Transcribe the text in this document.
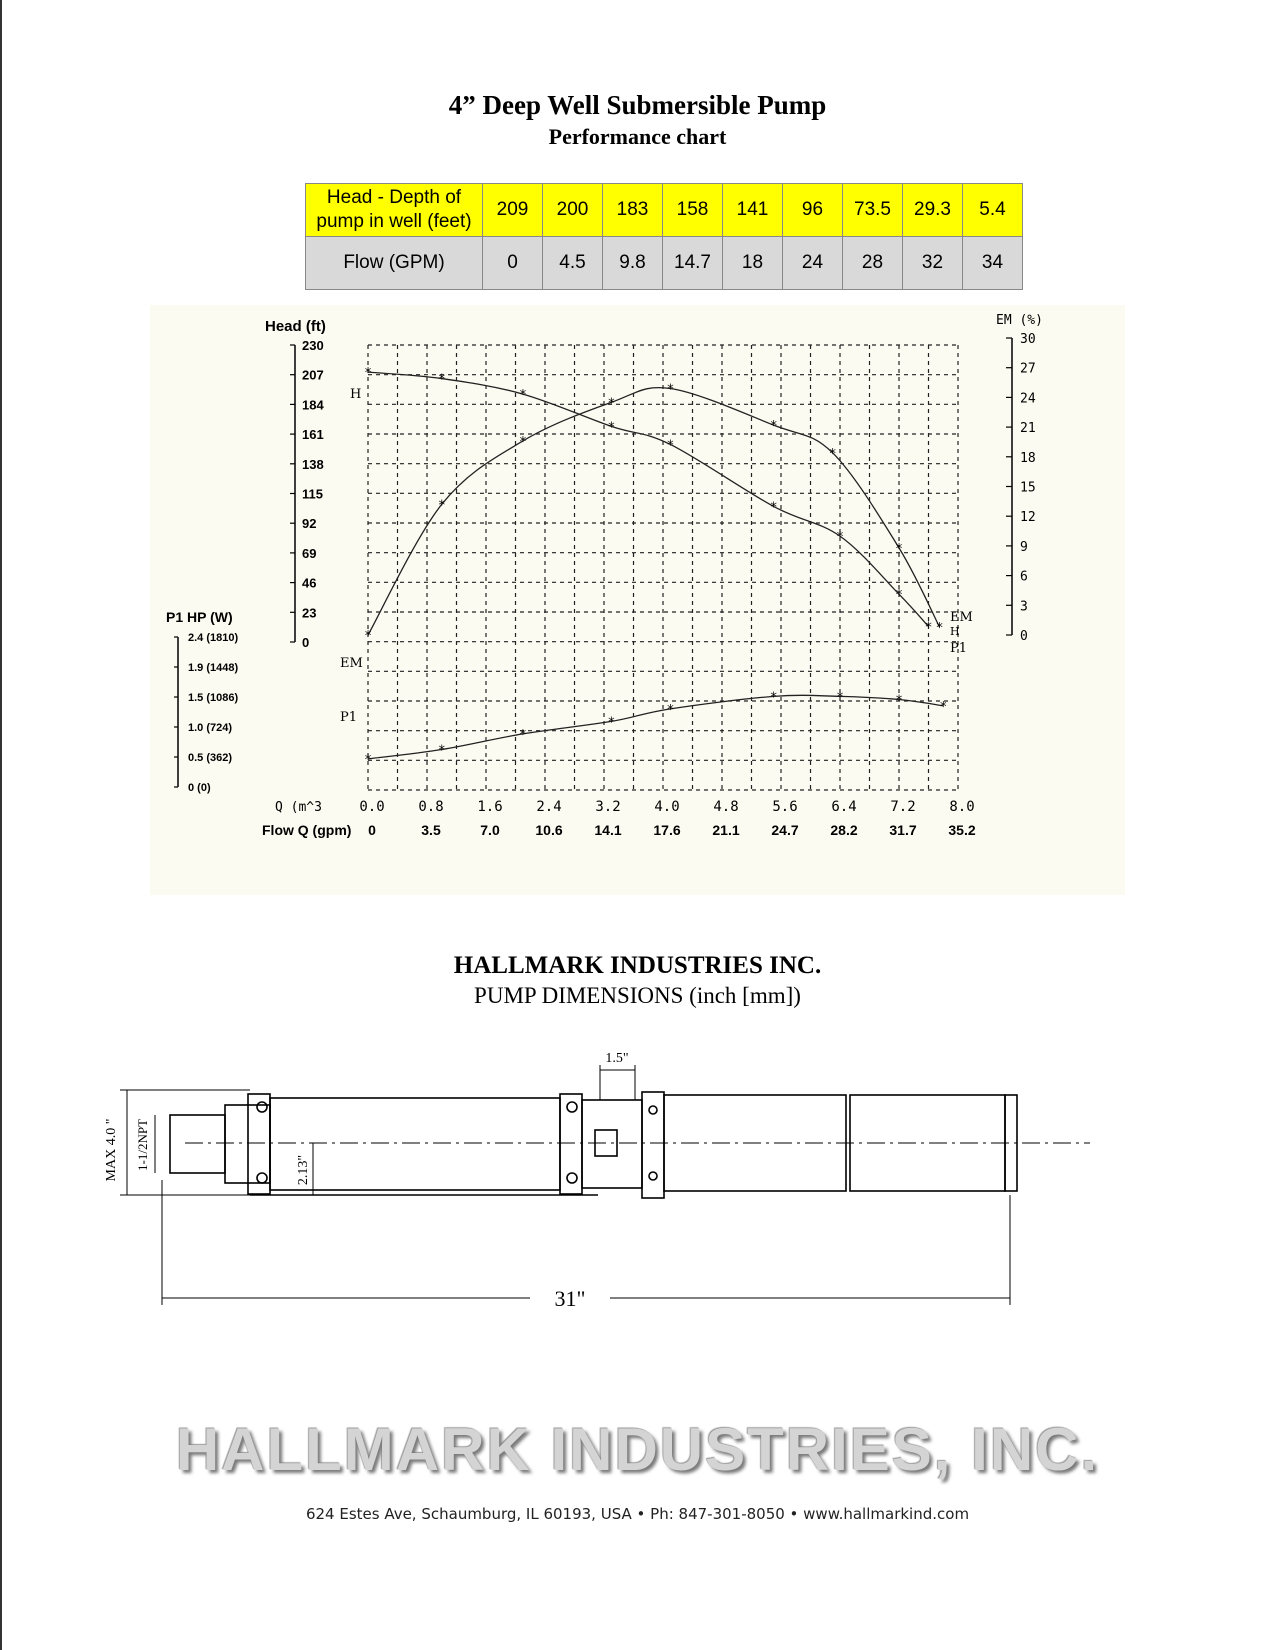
4” Deep Well Submersible Pump
Performance chart
Head - Depth of pump in well (feet)	209	200	183	158	141	96	73.5	29.3	5.4
Flow (GPM)	0	4.5	9.8	14.7	18	24	28	32	34
*	*
*
*
*
*
*
*
*
*
*
*
*
*
*
*
*
*
*
*
*
*
*
*	*	*	*
Head (ft)
230
207
184
161
138
115
92
69
46
23
0
EM (%)
30
27
24
21
18
15
12
9
6
3
0
P1 HP (W)
2.4 (1810)
1.9 (1448)
1.5 (1086)
1.0 (724)
0.5 (362)
0 (0)
Q (m^3	0.0 0.8 1.6 2.4 3.2 4.0 4.8 5.6 6.4 7.2 8.0
Flow Q (gpm) 0	3.5	7.0	10.6 14.1 17.6 21.1 24.7 28.2 31.7 35.2
H
EM
P1
EM
H
P1
HALLMARK INDUSTRIES INC.
PUMP DIMENSIONS (inch [mm])
MAX 4.0 " 1-1/2NPT	2.13"
1.5"
31"
HALLMARK INDUSTRIES, INC.
624 Estes Ave, Schaumburg, IL 60193, USA • Ph: 847-301-8050 • www.hallmarkind.com
